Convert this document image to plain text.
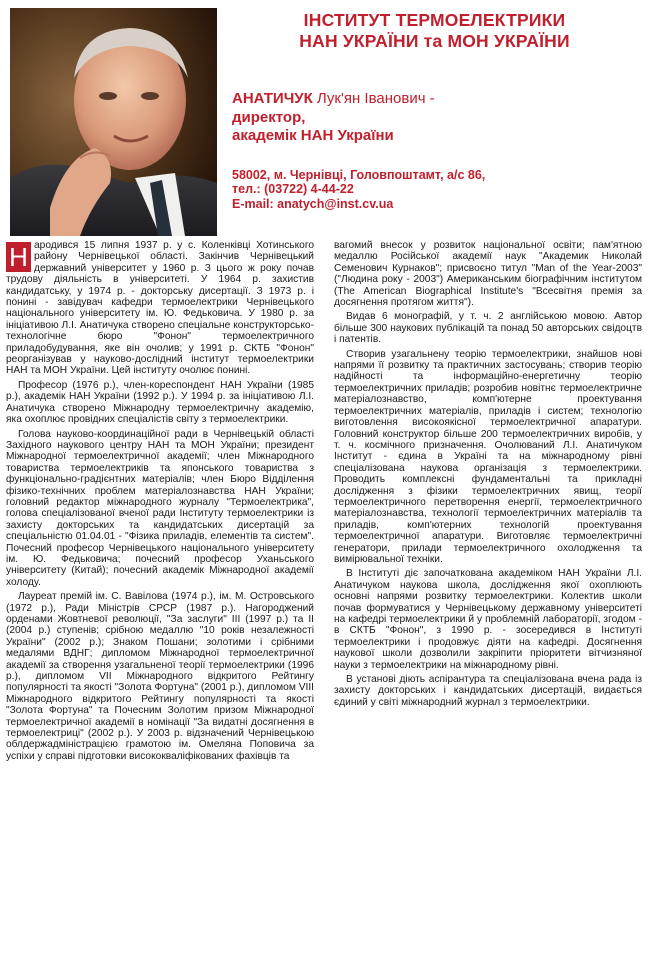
ІНСТИТУТ ТЕРМОЕЛЕКТРИКИ

НАН УКРАЇНИ та МОН УКРАЇНИ

АНАТИЧУК Лук'ян Іванович -
директор,
академік НАН України
58002, м. Чернівці, Головпоштамт, а/с 86,
тел.: (03722) 4-44-22
E-mail: anatych@inst.cv.ua

Н ародився 15 липня 1937 р. у с. Коленківці Хотинського району Чернівецької області. Закінчив Чернівецький державний університет у 1960 р. З цього ж року почав трудову діяльність в університеті. У 1964 р. захистив кандидатську, у 1974 р. - докторську дисертації. З 1973 р. і понині - завідувач кафедри термоелектрики Чернівецького національного університету ім. Ю. Федьковича. У 1980 р. за ініціативою Л.І. Анатичука створено спеціальне конструкторсько-технологічне бюро "Фонон" термоелектричного приладобудування, яке він очолив; у 1991 р. СКТБ "Фонон" реорганізував у науково-дослідний інститут термоелектрики НАН та МОН України. Цей інституту очолює понині.

Професор (1976 р.), член-кореспондент НАН України (1985 р.), академік НАН України (1992 р.). У 1994 р. за ініціативою Л.І. Анатичука створено Міжнародну термоелектричну академію, яка охоплює провідних спеціалістів світу з термоелектрики.

Голова науково-координаційної ради в Чернівецькій області Західного наукового центру НАН та МОН України; президент Міжнародної термоелектричної академії; член Міжнародного товариства термоелектриків та японського товариства з функціонально-градієнтних матеріалів; член Бюро Відділення фізико-технічних проблем матеріалознавства НАН України; головний редактор міжнародного журналу "Термоелектрика", голова спеціалізованої вченої ради Інституту термоелектрики із захисту докторських та кандидатських дисертацій за спеціальністю 01.04.01 - "Фізика приладів, елементів та систем". Почесний професор Чернівецького національного університету ім. Ю. Федьковича; почесний професор Уханьського університету (Китай); почесний академік Міжнародної академії холоду.

Лауреат премій ім. С. Вавілова (1974 р.), ім. М. Островського (1972 р.), Ради Міністрів СРСР (1987 р.). Нагороджений орденами Жовтневої революції, "За заслуги" III (1997 р.) та II (2004 р.) ступенів; срібною медаллю "10 років незалежності України" (2002 р.); Знаком Пошани; золотими і срібними медалями ВДНГ; дипломом Міжнародної термоелектричної академії за створення узагальненої теорії термоелектрики (1996 р.), дипломом VII Міжнародного відкритого Рейтингу популярності та якості "Золота Фортуна" (2001 р.), дипломом VIII Міжнародного відкритого Рейтингу популярності та якості "Золота Фортуна" та Почесним Золотим призом Міжнародної термоелектричної академії в номінації "За видатні досягнення в термоелектриці" (2002 р.). У 2003 р. відзначений Чернівецькою облдержадміністрацією грамотою ім. Омеляна Поповича за успіхи у справі підготовки висококваліфікованих фахівців та

вагомий внесок у розвиток національної освіти; пам'ятною медаллю Російської академії наук "Академик Николай Семенович Курнаков"; присвоєно титул "Man of the Year-2003" ("Людина року - 2003") Американським біографічним інститутом (The American Biographical Institute's "Всесвітня премія за досягнення протягом життя").

Видав 6 монографій, у т. ч. 2 англійською мовою. Автор більше 300 наукових публікацій та понад 50 авторських свідоцтв і патентів.

Створив узагальнену теорію термоелектрики, знайшов нові напрями її розвитку та практичних застосувань; створив теорію надійності та інформаційно-енергетичну теорію термоелектричних приладів; розробив новітнє термоелектричне матеріалознавство, комп'ютерне проектування термоелектричних матеріалів, приладів і систем; технологію виготовлення високоякісної термоелектричної апаратури. Головний конструктор більше 200 термоелектричних виробів, у т. ч. космічного призначення. Очолюваний Л.І. Анатичуком Інститут - єдина в Україні та на міжнародному рівні спеціалізована наукова організація з термоелектрики. Проводить комплексні фундаментальні та прикладні дослідження з фізики термоелектричних явищ, теорії термоелектричного перетворення енергії, термоелектричного матеріалознавства, технології термоелектричних матеріалів та приладів, комп'ютерних технологій проектування термоелектричної апаратури. Виготовляє термоелектричні генератори, прилади термоелектричного охолодження та вимірювальної техніки.

В Інституті діє започаткована академіком НАН України Л.І. Анатичуком наукова школа, дослідження якої охоплюють основні напрями розвитку термоелектрики. Колектив школи почав формуватися у Чернівецькому державному університеті на кафедрі термоелектрики й у проблемній лабораторії, згодом - в СКТБ "Фонон", з 1990 р. - зосередився в Інституті термоелектрики і продовжує діяти на кафедрі. Досягнення наукової школи дозволили закріпити пріоритети вітчизняної науки з термоелектрики на міжнародному рівні.

В установі діють аспірантура та спеціалізована вчена рада із захисту докторських і кандидатських дисертацій, видається єдиний у світі міжнародний журнал з термоелектрики.
